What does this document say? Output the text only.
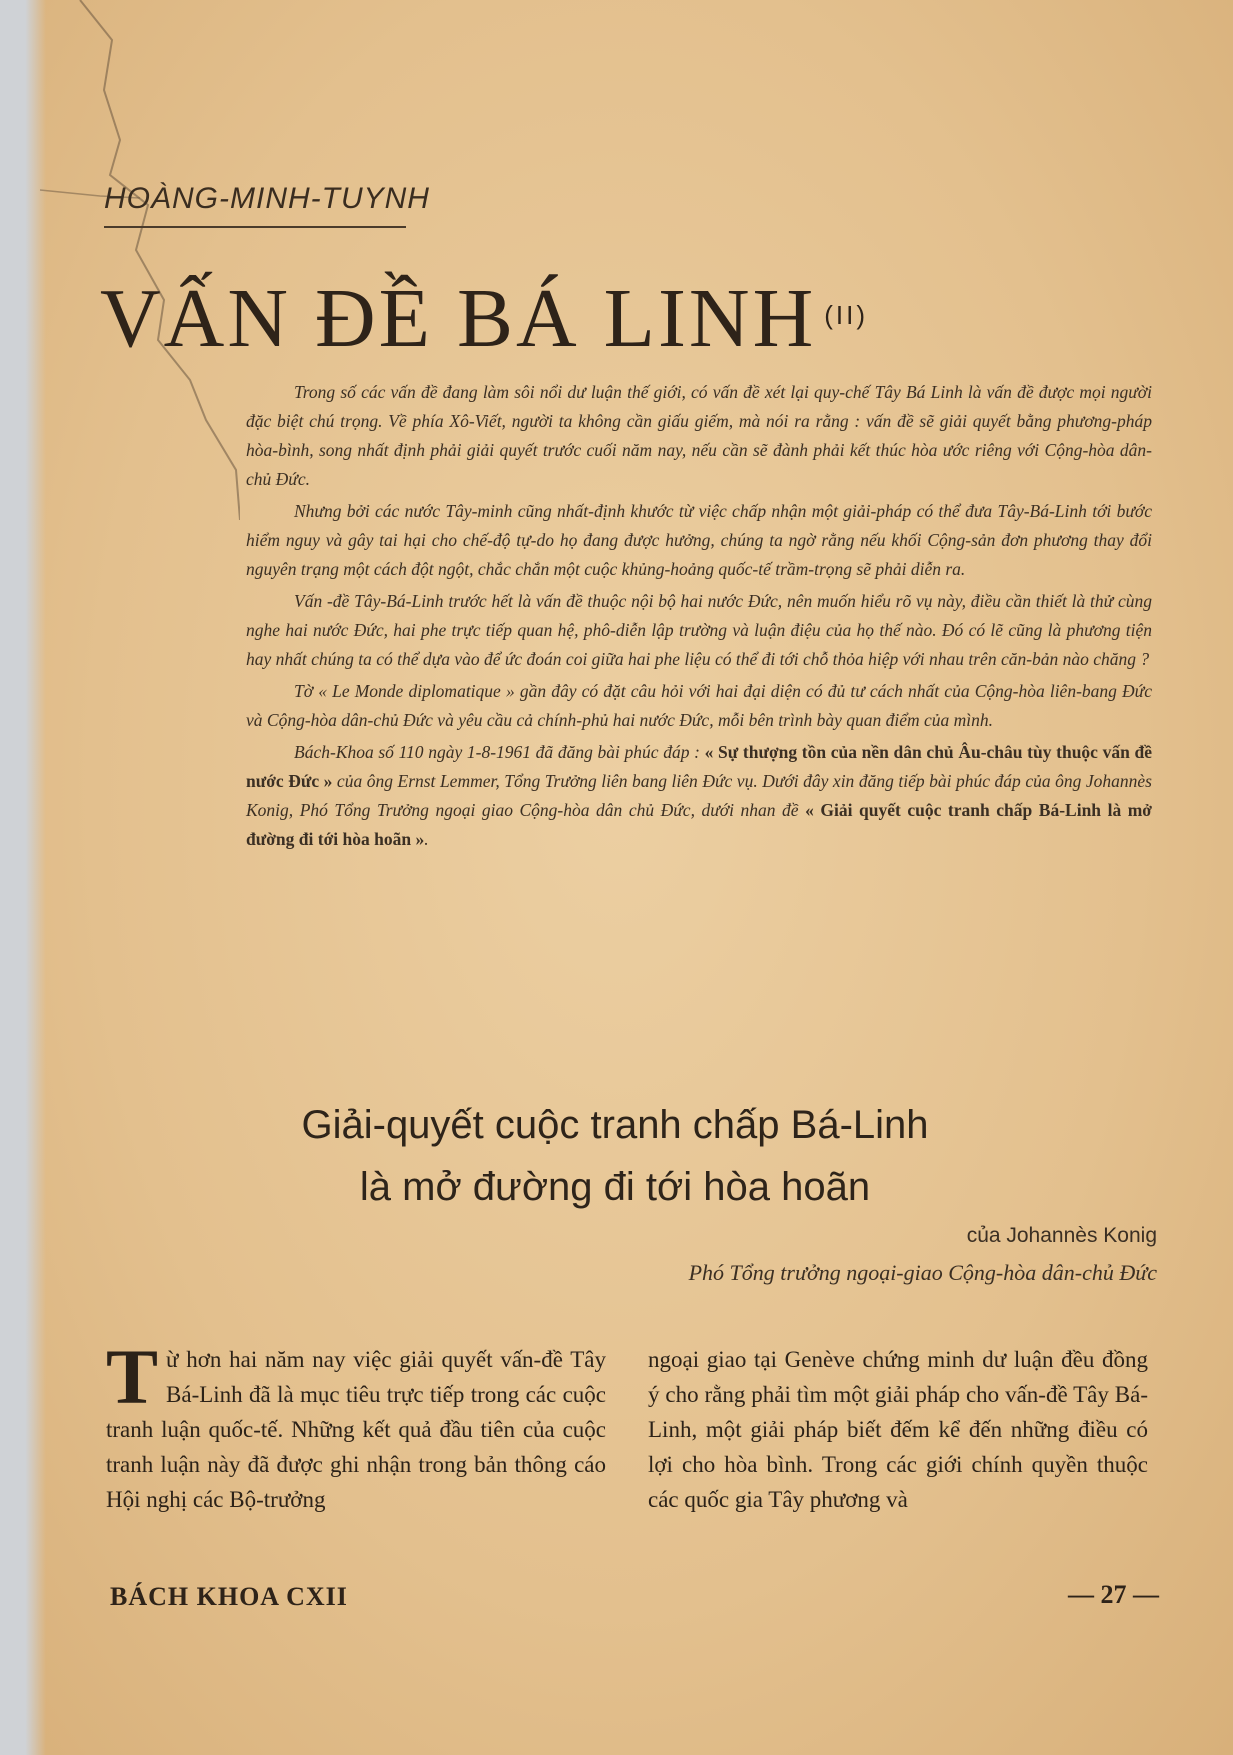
HOÀNG-MINH-TUYNH
VẤN ĐỀ BÁ LINH $^{(II)}$

Trong số các vấn đề đang làm sôi nổi dư luận thế giới, có vấn đề xét lại quy-chế Tây Bá Linh là vấn đề được mọi người đặc biệt chú trọng. Về phía Xô-Viết, người ta không cần giấu giếm, mà nói ra rằng : vấn đề sẽ giải quyết bằng phương-pháp hòa-bình, song nhất định phải giải quyết trước cuối năm nay, nếu cần sẽ đành phải kết thúc hòa ước riêng với Cộng-hòa dân-chủ Đức.

Nhưng bởi các nước Tây-minh cũng nhất-định khước từ việc chấp nhận một giải-pháp có thể đưa Tây-Bá-Linh tới bước hiểm nguy và gây tai hại cho chế-độ tự-do họ đang được hưởng, chúng ta ngờ rằng nếu khối Cộng-sản đơn phương thay đổi nguyên trạng một cách đột ngột, chắc chắn một cuộc khủng-hoảng quốc-tế trầm-trọng sẽ phải diễn ra.

Vấn -đề Tây-Bá-Linh trước hết là vấn đề thuộc nội bộ hai nước Đức, nên muốn hiểu rõ vụ này, điều cần thiết là thử cùng nghe hai nước Đức, hai phe trực tiếp quan hệ, phô-diễn lập trường và luận điệu của họ thế nào. Đó có lẽ cũng là phương tiện hay nhất chúng ta có thể dựa vào để ức đoán coi giữa hai phe liệu có thể đi tới chỗ thỏa hiệp với nhau trên căn-bản nào chăng ?

Tờ « Le Monde diplomatique » gần đây có đặt câu hỏi với hai đại diện có đủ tư cách nhất của Cộng-hòa liên-bang Đức và Cộng-hòa dân-chủ Đức và yêu cầu cả chính-phủ hai nước Đức, mỗi bên trình bày quan điểm của mình.

Bách-Khoa số 110 ngày 1-8-1961 đã đăng bài phúc đáp : « Sự thượng tồn của nền dân chủ Âu-châu tùy thuộc vấn đề nước Đức » của ông Ernst Lemmer, Tổng Trưởng liên bang liên Đức vụ. Dưới đây xin đăng tiếp bài phúc đáp của ông Johannès Konig, Phó Tổng Trưởng ngoại giao Cộng-hòa dân chủ Đức, dưới nhan đề « Giải quyết cuộc tranh chấp Bá-Linh là mở đường đi tới hòa hoãn ».

Giải-quyết cuộc tranh chấp Bá-Linh
là mở đường đi tới hòa hoãn
của Johannès Konig
Phó Tổng trưởng ngoại-giao Cộng-hòa dân-chủ Đức
Từ hơn hai năm nay việc giải quyết vấn-đề Tây Bá-Linh đã là mục tiêu trực tiếp trong các cuộc tranh luận quốc-tế. Những kết quả đầu tiên của cuộc tranh luận này đã được ghi nhận trong bản thông cáo Hội nghị các Bộ-trưởng
ngoại giao tại Genève chứng minh dư luận đều đồng ý cho rằng phải tìm một giải pháp cho vấn-đề Tây Bá-Linh, một giải pháp biết đếm kể đến những điều có lợi cho hòa bình. Trong các giới chính quyền thuộc các quốc gia Tây phương và
BÁCH KHOA CXII	— 27 —
